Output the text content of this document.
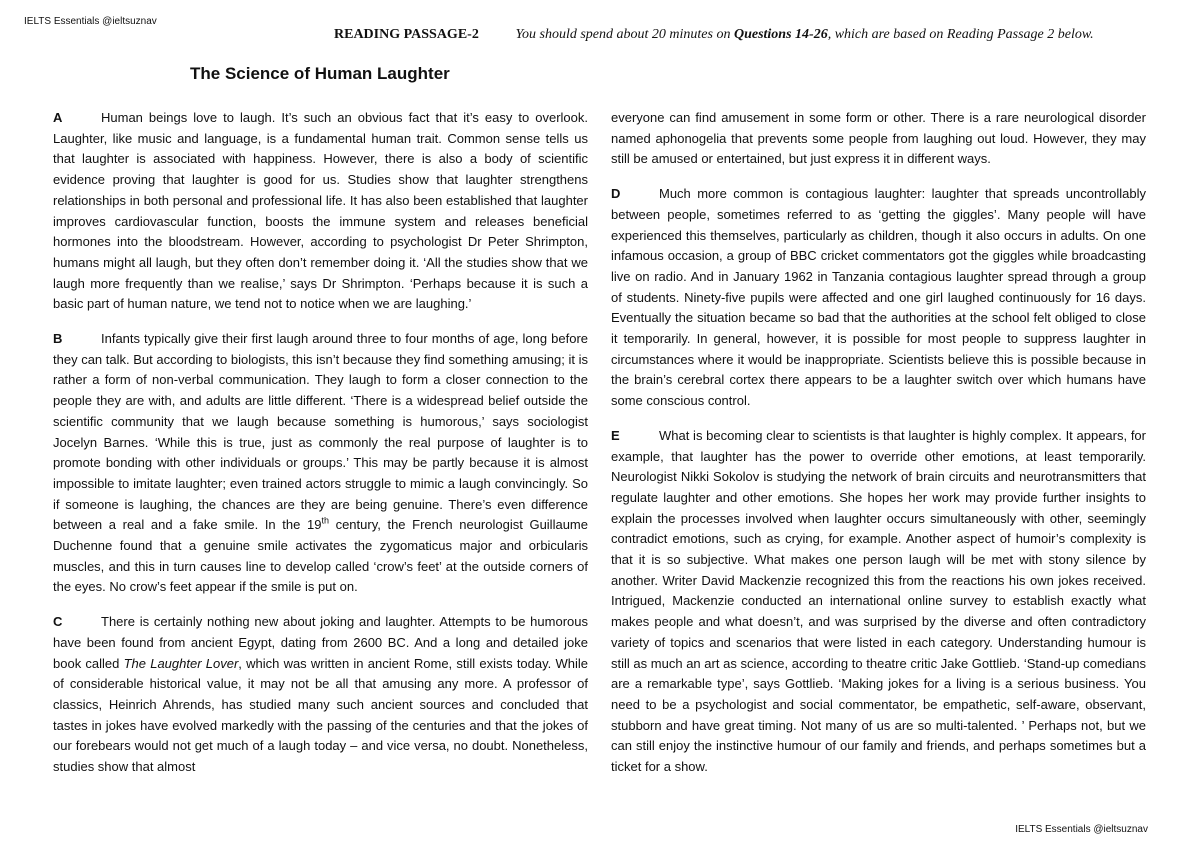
IELTS Essentials @ieltsuznav
READING PASSAGE-2	You should spend about 20 minutes on Questions 14-26, which are based on Reading Passage 2 below.
The Science of Human Laughter

A	Human beings love to laugh. It’s such an obvious fact that it’s easy to overlook. Laughter, like music and language, is a fundamental human trait. Common sense tells us that laughter is associated with happiness. However, there is also a body of scientific evidence proving that laughter is good for us. Studies show that laughter strengthens relationships in both personal and professional life. It has also been established that laughter improves cardiovascular function, boosts the immune system and releases beneficial hormones into the bloodstream. However, according to psychologist Dr Peter Shrimpton, humans might all laugh, but they often don’t remember doing it. ‘All the studies show that we laugh more frequently than we realise,’ says Dr Shrimpton. ‘Perhaps because it is such a basic part of human nature, we tend not to notice when we are laughing.’

B	Infants typically give their first laugh around three to four months of age, long before they can talk. But according to biologists, this isn’t because they find something amusing; it is rather a form of non-verbal communication. They laugh to form a closer connection to the people they are with, and adults are little different. ‘There is a widespread belief outside the scientific community that we laugh because something is humorous,’ says sociologist Jocelyn Barnes. ‘While this is true, just as commonly the real purpose of laughter is to promote bonding with other individuals or groups.’ This may be partly because it is almost impossible to imitate laughter; even trained actors struggle to mimic a laugh convincingly. So if someone is laughing, the chances are they are being genuine. There’s even difference between a real and a fake smile. In the 19th century, the French neurologist Guillaume Duchenne found that a genuine smile activates the zygomaticus major and orbicularis muscles, and this in turn causes line to develop called ‘crow’s feet’ at the outside corners of the eyes. No crow’s feet appear if the smile is put on.

C	There is certainly nothing new about joking and laughter. Attempts to be humorous have been found from ancient Egypt, dating from 2600 BC. And a long and detailed joke book called The Laughter Lover, which was written in ancient Rome, still exists today. While of considerable historical value, it may not be all that amusing any more. A professor of classics, Heinrich Ahrends, has studied many such ancient sources and concluded that tastes in jokes have evolved markedly with the passing of the centuries and that the jokes of our forebears would not get much of a laugh today – and vice versa, no doubt. Nonetheless, studies show that almost

everyone can find amusement in some form or other. There is a rare neurological disorder named aphonogelia that prevents some people from laughing out loud. However, they may still be amused or entertained, but just express it in different ways.

D	Much more common is contagious laughter: laughter that spreads uncontrollably between people, sometimes referred to as ‘getting the giggles’. Many people will have experienced this themselves, particularly as children, though it also occurs in adults. On one infamous occasion, a group of BBC cricket commentators got the giggles while broadcasting live on radio. And in January 1962 in Tanzania contagious laughter spread through a group of students. Ninety-five pupils were affected and one girl laughed continuously for 16 days. Eventually the situation became so bad that the authorities at the school felt obliged to close it temporarily. In general, however, it is possible for most people to suppress laughter in circumstances where it would be inappropriate. Scientists believe this is possible because in the brain’s cerebral cortex there appears to be a laughter switch over which humans have some conscious control.

E	What is becoming clear to scientists is that laughter is highly complex. It appears, for example, that laughter has the power to override other emotions, at least temporarily. Neurologist Nikki Sokolov is studying the network of brain circuits and neurotransmitters that regulate laughter and other emotions. She hopes her work may provide further insights to explain the processes involved when laughter occurs simultaneously with other, seemingly contradict emotions, such as crying, for example. Another aspect of humoir’s complexity is that it is so subjective. What makes one person laugh will be met with stony silence by another. Writer David Mackenzie recognized this from the reactions his own jokes received. Intrigued, Mackenzie conducted an international online survey to establish exactly what makes people and what doesn’t, and was surprised by the diverse and often contradictory variety of topics and scenarios that were listed in each category. Understanding humour is still as much an art as science, according to theatre critic Jake Gottlieb. ‘Stand-up comedians are a remarkable type’, says Gottlieb. ‘Making jokes for a living is a serious business. You need to be a psychologist and social commentator, be empathetic, self-aware, observant, stubborn and have great timing. Not many of us are so multi-talented. ’ Perhaps not, but we can still enjoy the instinctive humour of our family and friends, and perhaps sometimes but a ticket for a show.

IELTS Essentials @ieltsuznav
